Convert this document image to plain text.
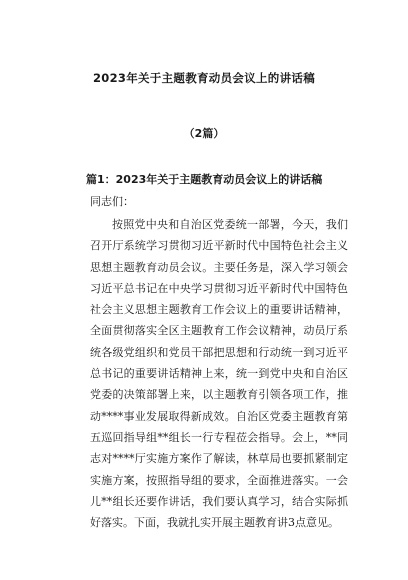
2023年关于主题教育动员会议上的讲话稿
（2篇）
篇1：2023年关于主题教育动员会议上的讲话稿
同志们：
按照党中央和自治区党委统一部署，今天，我们召开厅系统学习贯彻习近平新时代中国特色社会主义思想主题教育动员会议。主要任务是，深入学习领会习近平总书记在中央学习贯彻习近平新时代中国特色社会主义思想主题教育工作会议上的重要讲话精神，全面贯彻落实全区主题教育工作会议精神，动员厅系统各级党组织和党员干部把思想和行动统一到习近平总书记的重要讲话精神上来，统一到党中央和自治区党委的决策部署上来，以主题教育引领各项工作，推动****事业发展取得新成效。自治区党委主题教育第五巡回指导组**组长一行专程莅会指导。会上，**同志对****厅实施方案作了解读，林草局也要抓紧制定实施方案，按照指导组的要求，全面推进落实。一会儿**组长还要作讲话，我们要认真学习，结合实际抓好落实。下面，我就扎实开展主题教育讲3点意见。
